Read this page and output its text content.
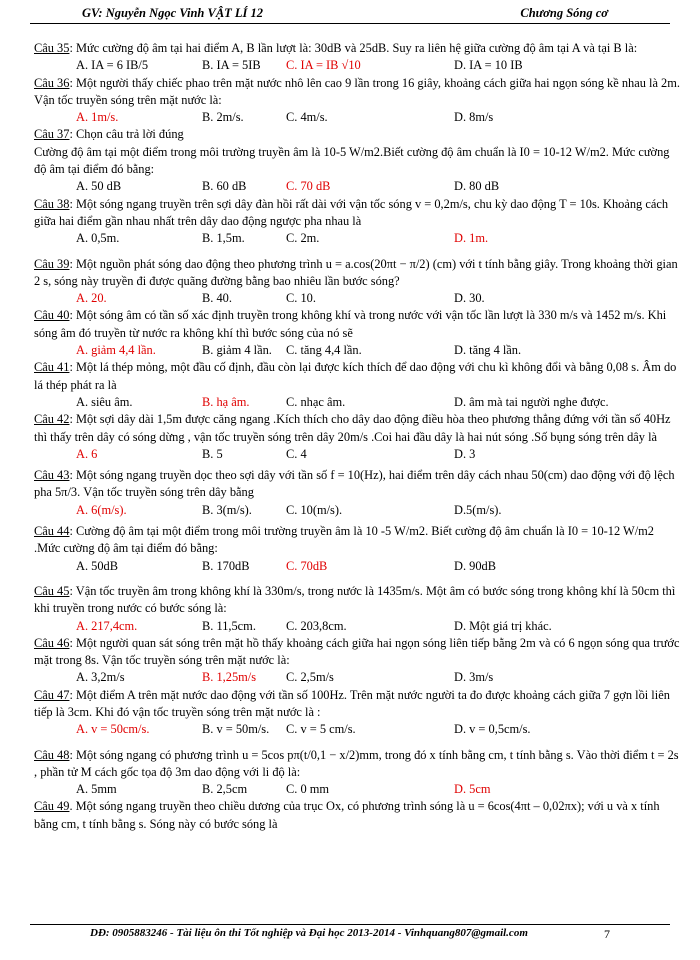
GV: Nguyễn Ngọc Vinh VẬT LÍ 12	Chương Sóng cơ

Câu 35: Mức cường độ âm tại hai điểm A, B lần lượt là: 30dB và 25dB. Suy ra liên hệ giữa cường độ âm tại A và tại B là:

A. IA = 6 IB/5	B. IA = 5IB C. IA = IB √10	D. IA = 10 IB

Câu 36: Một người thấy chiếc phao trên mặt nước nhô lên cao 9 lần trong 16 giây, khoảng cách giữa hai ngọn sóng kề nhau là 2m. Vận tốc truyền sóng trên mặt nước là:

A. 1m/s.	B. 2m/s.	C. 4m/s.	D. 8m/s

Câu 37: Chọn câu trả lời đúng

Cường độ âm tại một điểm trong môi trường truyền âm là 10-5 W/m2.Biết cường độ âm chuẩn là I0 = 10-12 W/m2. Mức cường độ âm tại điểm đó bằng:

A. 50 dB	B. 60 dB	C. 70 dB	D. 80 dB

Câu 38: Một sóng ngang truyền trên sợi dây đàn hồi rất dài với vận tốc sóng v = 0,2m/s, chu kỳ dao động T = 10s. Khoảng cách giữa hai điểm gần nhau nhất trên dây dao động ngược pha nhau là

A. 0,5m.	B. 1,5m.	C. 2m.	D. 1m.

Câu 39: Một nguồn phát sóng dao động theo phương trình u = a.cos(20πt − π/2) (cm) với t tính bằng giây. Trong khoảng thời gian 2 s, sóng này truyền đi được quãng đường bằng bao nhiêu lần bước sóng?

A. 20.	B. 40.	C. 10.	D. 30.

Câu 40: Một sóng âm có tần số xác định truyền trong không khí và trong nước với vận tốc lần lượt là 330 m/s và 1452 m/s. Khi sóng âm đó truyền từ nước ra không khí thì bước sóng của nó sẽ

A. giảm 4,4 lần.	B. giảm 4 lần. C. tăng 4,4 lần.	D. tăng 4 lần.

Câu 41: Một lá thép mỏng, một đầu cố định, đầu còn lại được kích thích để dao động với chu kì không đổi và bằng 0,08 s. Âm do lá thép phát ra là

A. siêu âm.	B. hạ âm.	C. nhạc âm.	D. âm mà tai người nghe được.

Câu 42: Một sợi dây dài 1,5m được căng ngang .Kích thích cho dây dao động điều hòa theo phương thẳng đứng với tần số 40Hz thì thấy trên dây có sóng dừng , vận tốc truyền sóng trên dây 20m/s .Coi hai đầu dây là hai nút sóng .Số bụng sóng trên dây là

A. 6	B. 5	C. 4	D. 3

Câu 43: Một sóng ngang truyền dọc theo sợi dây với tần số f = 10(Hz), hai điểm trên dây cách nhau 50(cm) dao động với độ lệch pha 5π/3. Vận tốc truyền sóng trên dây bằng

A. 6(m/s).	B. 3(m/s).	C. 10(m/s).	D.5(m/s).

Câu 44: Cường độ âm tại một điểm trong môi trường truyền âm là 10 -5 W/m2. Biết cường độ âm chuẩn là I0 = 10-12 W/m2 .Mức cường độ âm tại điểm đó bằng:

A. 50dB	B. 170dB	C. 70dB	D. 90dB

Câu 45: Vận tốc truyền âm trong không khí là 330m/s, trong nước là 1435m/s. Một âm có bước sóng trong không khí là 50cm thì khi truyền trong nước có bước sóng là:

A. 217,4cm.	B. 11,5cm. C. 203,8cm.	D. Một giá trị khác.

Câu 46: Một người quan sát sóng trên mặt hồ thấy khoảng cách giữa hai ngọn sóng liên tiếp bằng 2m và có 6 ngọn sóng qua trước mặt trong 8s. Vận tốc truyền sóng trên mặt nước là:

A. 3,2m/s	B. 1,25m/s C. 2,5m/s	D. 3m/s

Câu 47: Một điểm A trên mặt nước dao động với tần số 100Hz. Trên mặt nước người ta đo được khoảng cách giữa 7 gợn lồi liên tiếp là 3cm. Khi đó vận tốc truyền sóng trên mặt nước là :

A. v = 50cm/s.	B. v = 50m/s. C. v = 5 cm/s.	D. v = 0,5cm/s.

Câu 48: Một sóng ngang có phương trình u = 5cos pπ(t/0,1 − x/2)mm, trong đó x tính bằng cm, t tính bằng s. Vào thời điểm t = 2s , phần tử M cách gốc tọa độ 3m dao động với li độ là:

A. 5mm	B. 2,5cm	C. 0 mm	D. 5cm

Câu 49. Một sóng ngang truyền theo chiều dương của trục Ox, có phương trình sóng là u = 6cos(4πt – 0,02πx); với u và x tính bằng cm, t tính bằng s. Sóng này có bước sóng là

DĐ: 0905883246 - Tài liệu ôn thi Tốt nghiệp và Đại học 2013-2014 - Vinhquang807@gmail.com	7
